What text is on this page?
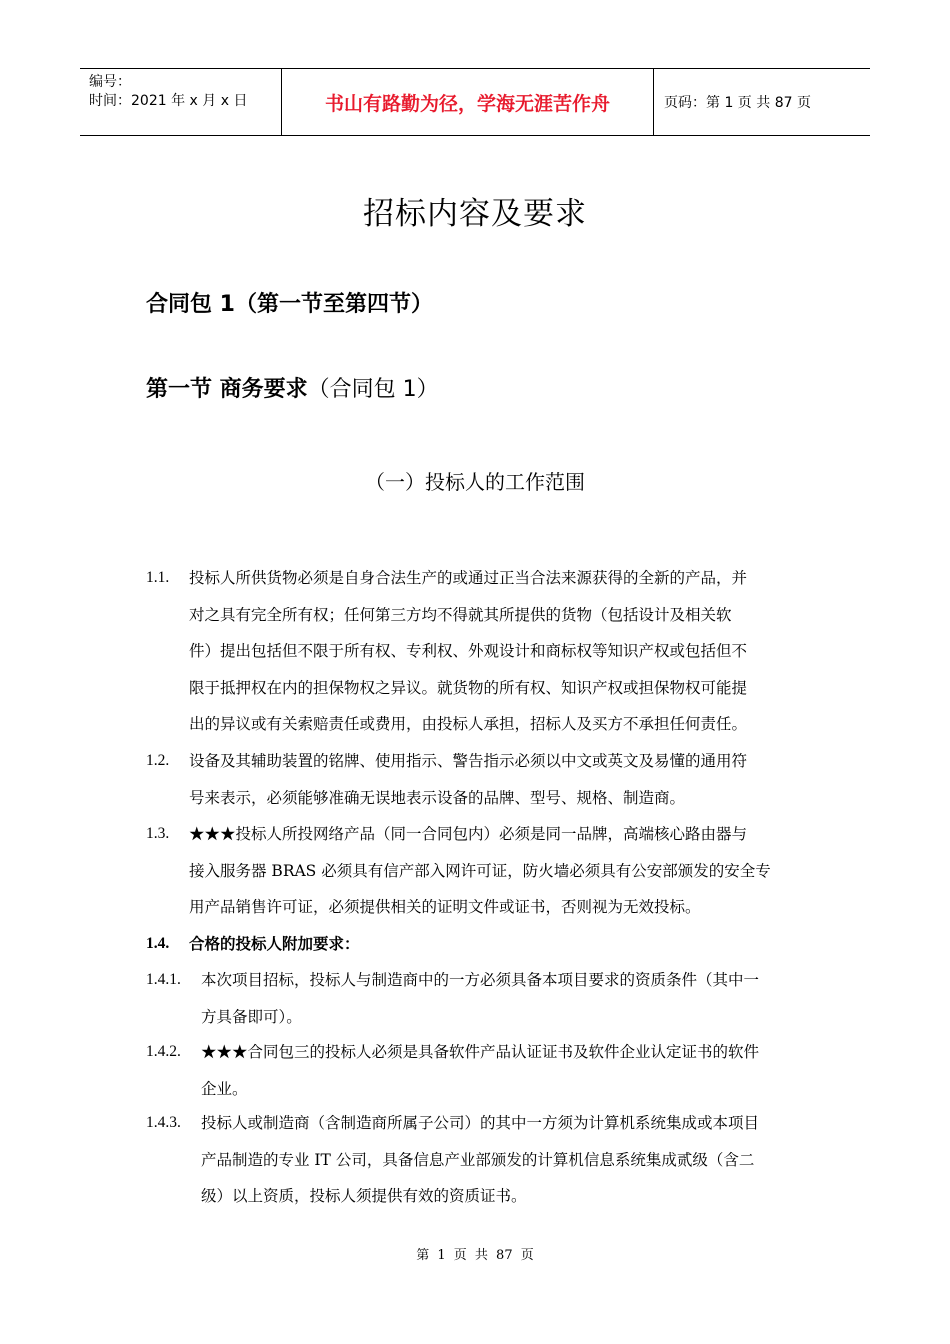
编号：
时间：2021 年 x 月 x 日	书山有路勤为径，学海无涯苦作舟	页码：第 1 页 共 87 页
招标内容及要求
合同包 1（第一节至第四节）
第一节 商务要求（合同包 1）
（一）投标人的工作范围
1.1. 投标人所供货物必须是自身合法生产的或通过正当合法来源获得的全新的产品，并
对之具有完全所有权；任何第三方均不得就其所提供的货物（包括设计及相关软
件）提出包括但不限于所有权、专利权、外观设计和商标权等知识产权或包括但不
限于抵押权在内的担保物权之异议。就货物的所有权、知识产权或担保物权可能提
出的异议或有关索赔责任或费用，由投标人承担，招标人及买方不承担任何责任。
1.2. 设备及其辅助装置的铭牌、使用指示、警告指示必须以中文或英文及易懂的通用符
号来表示，必须能够准确无误地表示设备的品牌、型号、规格、制造商。
1.3. ★★★投标人所投网络产品（同一合同包内）必须是同一品牌，高端核心路由器与
接入服务器 BRAS 必须具有信产部入网许可证，防火墙必须具有公安部颁发的安全专
用产品销售许可证，必须提供相关的证明文件或证书，否则视为无效投标。
1.4. 合格的投标人附加要求：
1.4.1. 本次项目招标，投标人与制造商中的一方必须具备本项目要求的资质条件（其中一
方具备即可）。
1.4.2. ★★★合同包三的投标人必须是具备软件产品认证证书及软件企业认定证书的软件
企业。
1.4.3. 投标人或制造商（含制造商所属子公司）的其中一方须为计算机系统集成或本项目
产品制造的专业 IT 公司，具备信息产业部颁发的计算机信息系统集成贰级（含二
级）以上资质，投标人须提供有效的资质证书。
第 1 页 共 87 页
